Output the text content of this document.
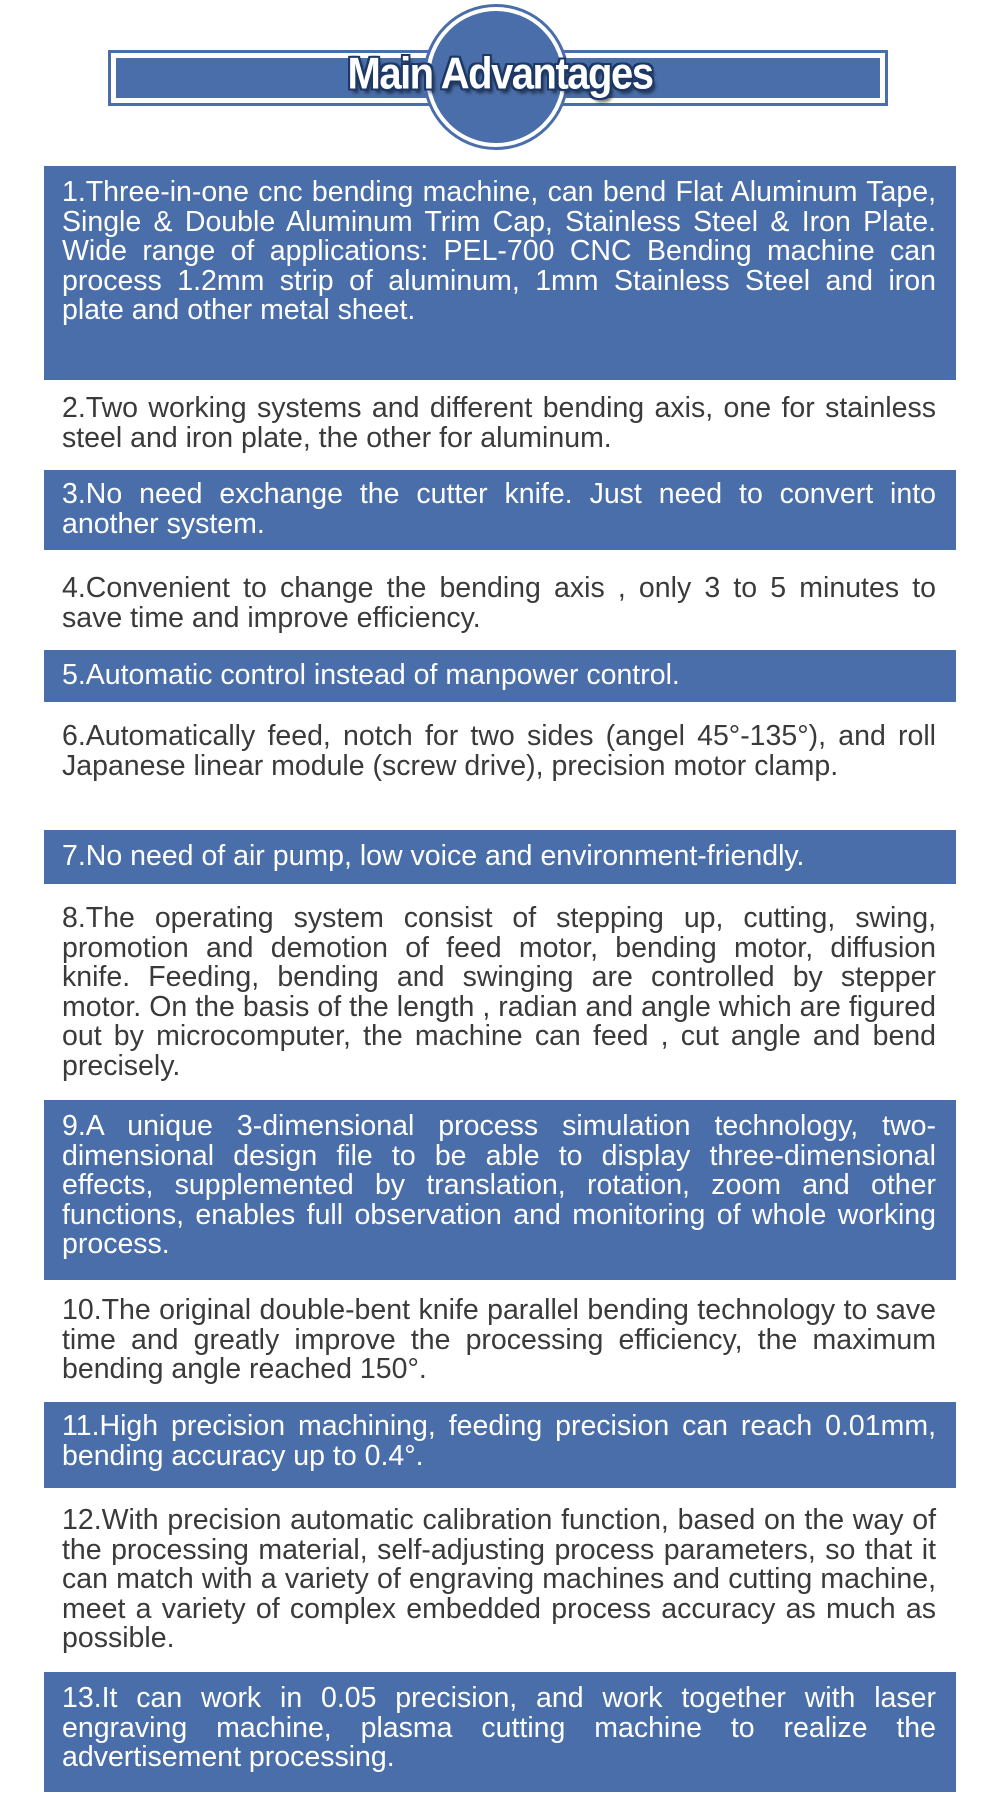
Main Advantages
1.Three-in-one cnc bending machine, can bend Flat Aluminum Tape, Single & Double Aluminum Trim Cap, Stainless Steel & Iron Plate. Wide range of applications: PEL-700 CNC Bending machine can process 1.2mm strip of aluminum, 1mm Stainless Steel and iron plate and other metal sheet.
2.Two working systems and different bending axis, one for stainless steel and iron plate, the other for aluminum.
3.No need exchange the cutter knife. Just need to convert into another system.
4.Convenient to change the bending axis , only 3 to 5 minutes to save time and improve efficiency.
5.Automatic control instead of manpower control.
6.Automatically feed, notch for two sides (angel 45°-135°), and roll Japanese linear module (screw drive), precision motor clamp.
7.No need of air pump, low voice and environment-friendly.
8.The operating system consist of stepping up, cutting, swing, promotion and demotion of feed motor, bending motor, diffusion knife. Feeding, bending and swinging are controlled by stepper motor. On the basis of the length , radian and angle which are figured out by microcomputer, the machine can feed , cut angle and bend precisely.
9.A unique 3-dimensional process simulation technology, two-dimensional design file to be able to display three-dimensional effects, supplemented by translation, rotation, zoom and other functions, enables full observation and monitoring of whole working process.
10.The original double-bent knife parallel bending technology to save time and greatly improve the processing efficiency, the maximum bending angle reached 150°.
11.High precision machining, feeding precision can reach 0.01mm, bending accuracy up to 0.4°.
12.With precision automatic calibration function, based on the way of the processing material, self-adjusting process parameters, so that it can match with a variety of engraving machines and cutting machine, meet a variety of complex embedded process accuracy as much as possible.
13.It can work in 0.05 precision, and work together with laser engraving machine, plasma cutting machine to realize the advertisement processing.
